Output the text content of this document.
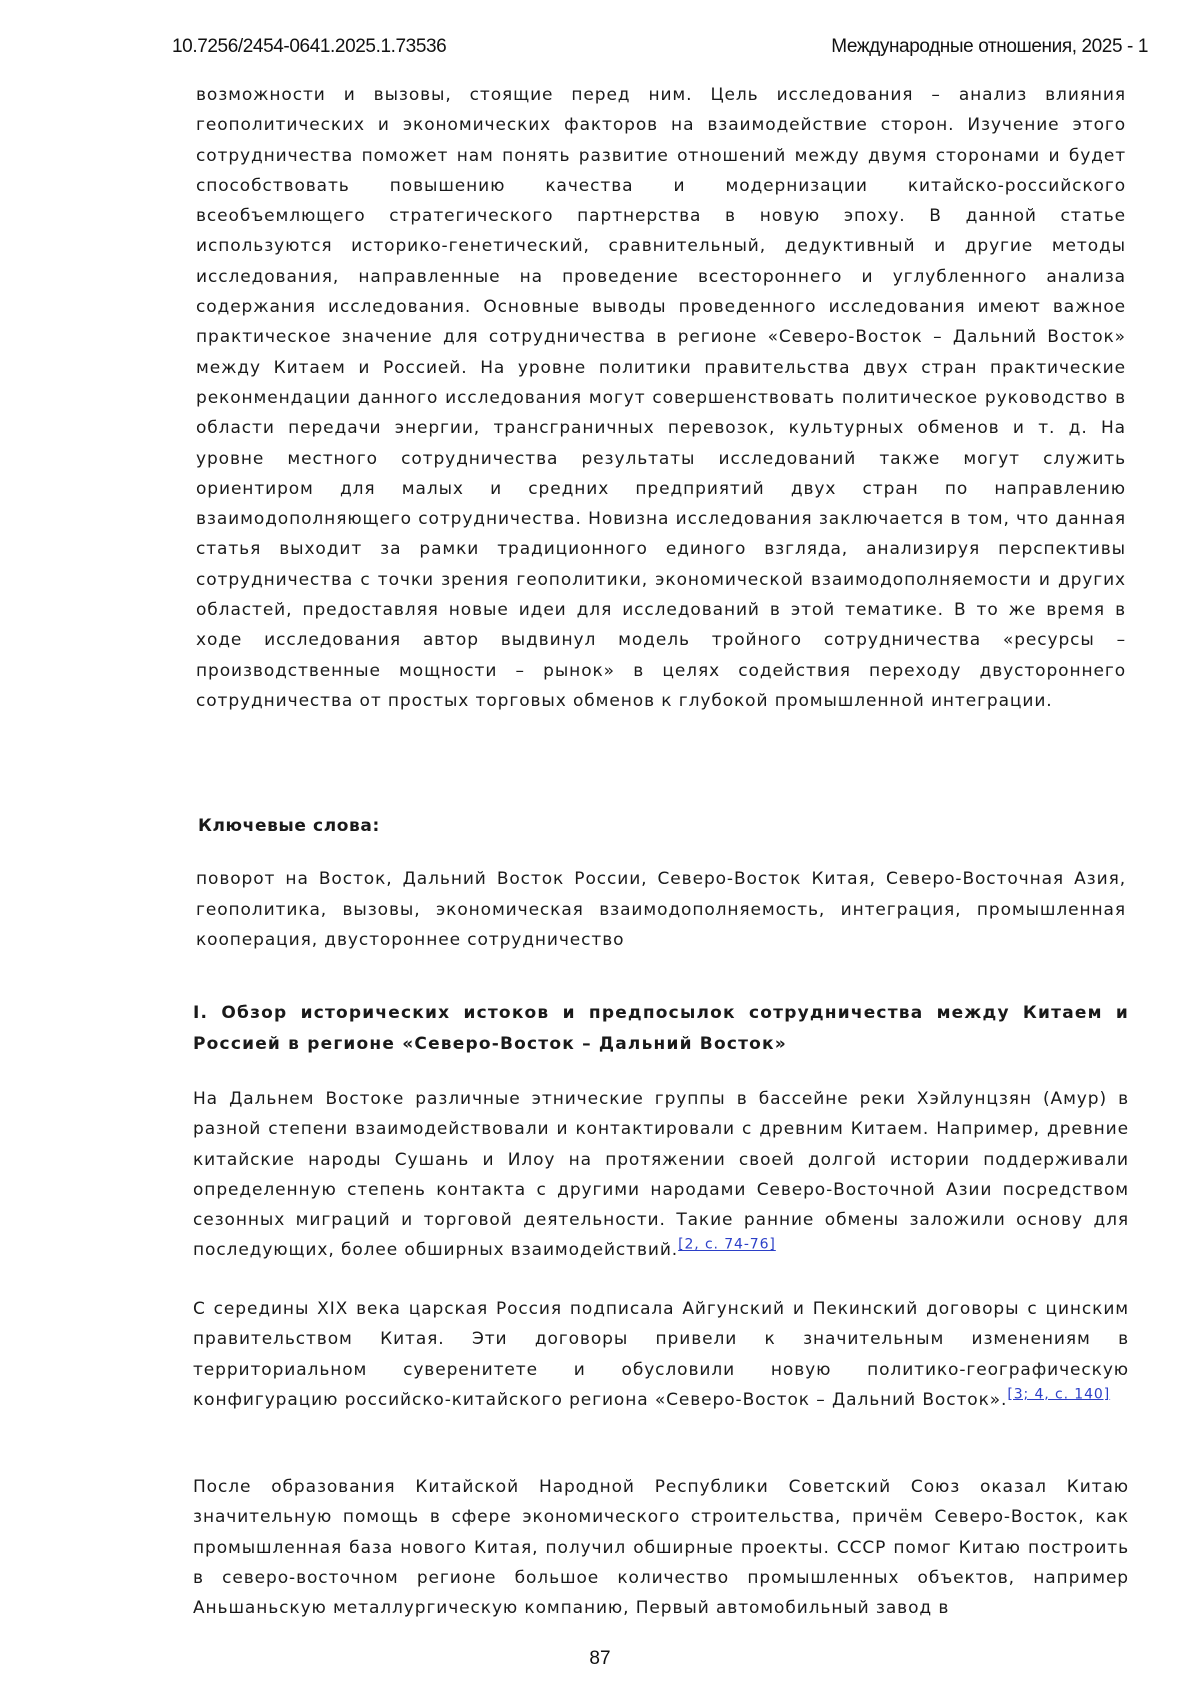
10.7256/2454-0641.2025.1.73536	Международные отношения, 2025 - 1

возможности и вызовы, стоящие перед ним. Цель исследования – анализ влияния геополитических и экономических факторов на взаимодействие сторон. Изучение этого сотрудничества поможет нам понять развитие отношений между двумя сторонами и будет способствовать повышению качества и модернизации китайско-российского всеобъемлющего стратегического партнерства в новую эпоху. В данной статье используются историко-генетический, сравнительный, дедуктивный и другие методы исследования, направленные на проведение всестороннего и углубленного анализа содержания исследования. Основные выводы проведенного исследования имеют важное практическое значение для сотрудничества в регионе «Северо-Восток – Дальний Восток» между Китаем и Россией. На уровне политики правительства двух стран практические реконмендации данного исследования могут совершенствовать политическое руководство в области передачи энергии, трансграничных перевозок, культурных обменов и т. д. На уровне местного сотрудничества результаты исследований также могут служить ориентиром для малых и средних предприятий двух стран по направлению взаимодополняющего сотрудничества. Новизна исследования заключается в том, что данная статья выходит за рамки традиционного единого взгляда, анализируя перспективы сотрудничества с точки зрения геополитики, экономической взаимодополняемости и других областей, предоставляя новые идеи для исследований в этой тематике. В то же время в ходе исследования автор выдвинул модель тройного сотрудничества «ресурсы – производственные мощности – рынок» в целях содействия переходу двустороннего сотрудничества от простых торговых обменов к глубокой промышленной интеграции.

Ключевые слова:

поворот на Восток, Дальний Восток России, Северо-Восток Китая, Северо-Восточная Азия, геополитика, вызовы, экономическая взаимодополняемость, интеграция, промышленная кооперация, двустороннее сотрудничество

I. Обзор исторических истоков и предпосылок сотрудничества между Китаем и Россией в регионе «Северо-Восток – Дальний Восток»

На Дальнем Востоке различные этнические группы в бассейне реки Хэйлунцзян (Амур) в разной степени взаимодействовали и контактировали с древним Китаем. Например, древние китайские народы Сушань и Илоу на протяжении своей долгой истории поддерживали определенную степень контакта с другими народами Северо-Восточной Азии посредством сезонных миграций и торговой деятельности. Такие ранние обмены заложили основу для последующих, более обширных взаимодействий.[2, с. 74-76]

С середины XIX века царская Россия подписала Айгунский и Пекинский договоры с цинским правительством Китая. Эти договоры привели к значительным изменениям в территориальном суверенитете и обусловили новую политико-географическую конфигурацию российско-китайского региона «Северо-Восток – Дальний Восток».[3; 4, с. 140]

После образования Китайской Народной Республики Советский Союз оказал Китаю значительную помощь в сфере экономического строительства, причём Северо-Восток, как промышленная база нового Китая, получил обширные проекты. СССР помог Китаю построить в северо-восточном регионе большое количество промышленных объектов, например Аньшаньскую металлургическую компанию, Первый автомобильный завод в

87
